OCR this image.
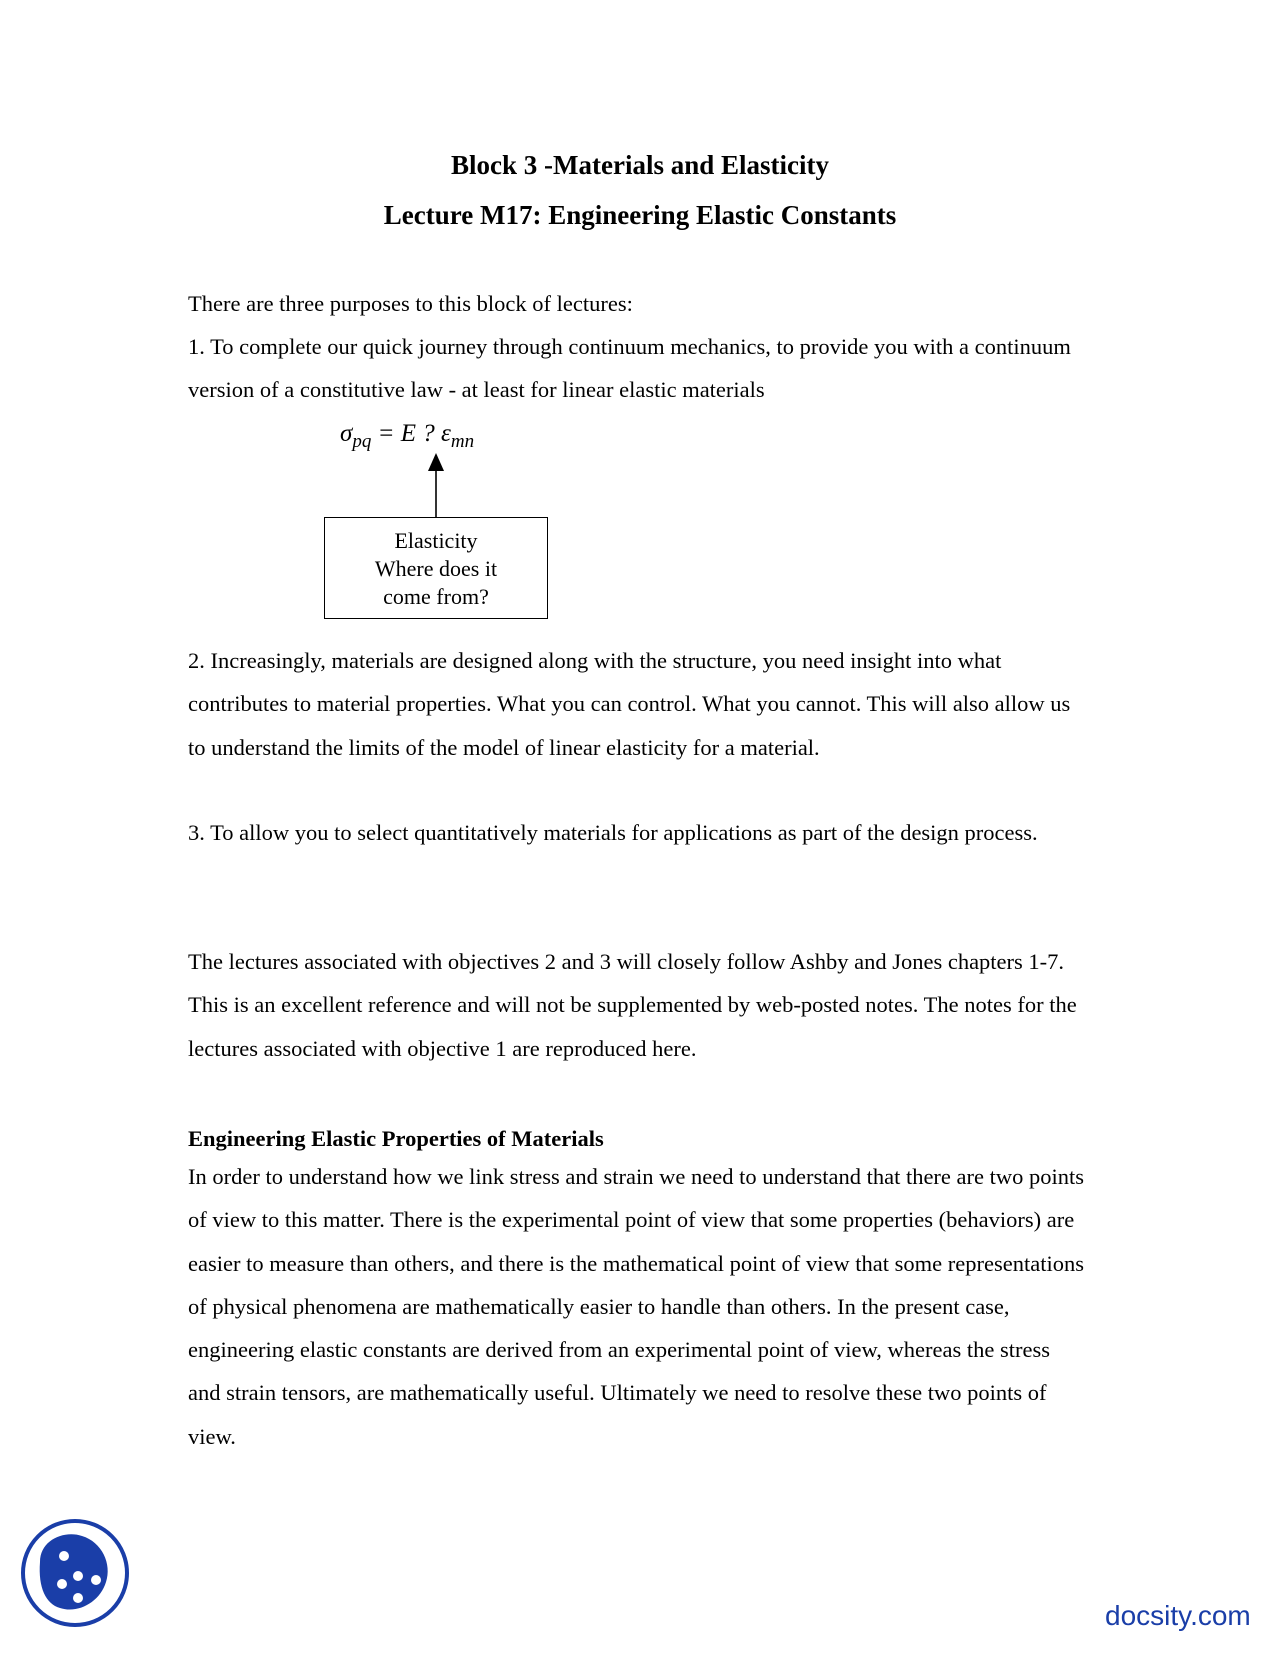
Block 3 -Materials and Elasticity
Lecture M17: Engineering Elastic Constants

There are three purposes to this block of lectures:

1. To complete our quick journey through continuum mechanics, to provide you with a continuum version of a constitutive law - at least for linear elastic materials

$\sigma_{pq} = E$ ? $\varepsilon_{mn}$
Elasticity
Where does it
come from?

2. Increasingly, materials are designed along with the structure, you need insight into what contributes to material properties. What you can control. What you cannot. This will also allow us to understand the limits of the model of linear elasticity for a material.

3. To allow you to select quantitatively materials for applications as part of the design process.

The lectures associated with objectives 2 and 3 will closely follow Ashby and Jones chapters 1-7. This is an excellent reference and will not be supplemented by web-posted notes. The notes for the lectures associated with objective 1 are reproduced here.

Engineering Elastic Properties of Materials

In order to understand how we link stress and strain we need to understand that there are two points of view to this matter. There is the experimental point of view that some properties (behaviors) are easier to measure than others, and there is the mathematical point of view that some representations of physical phenomena are mathematically easier to handle than others. In the present case, engineering elastic constants are derived from an experimental point of view, whereas the stress and strain tensors, are mathematically useful. Ultimately we need to resolve these two points of view.

docsity.com
